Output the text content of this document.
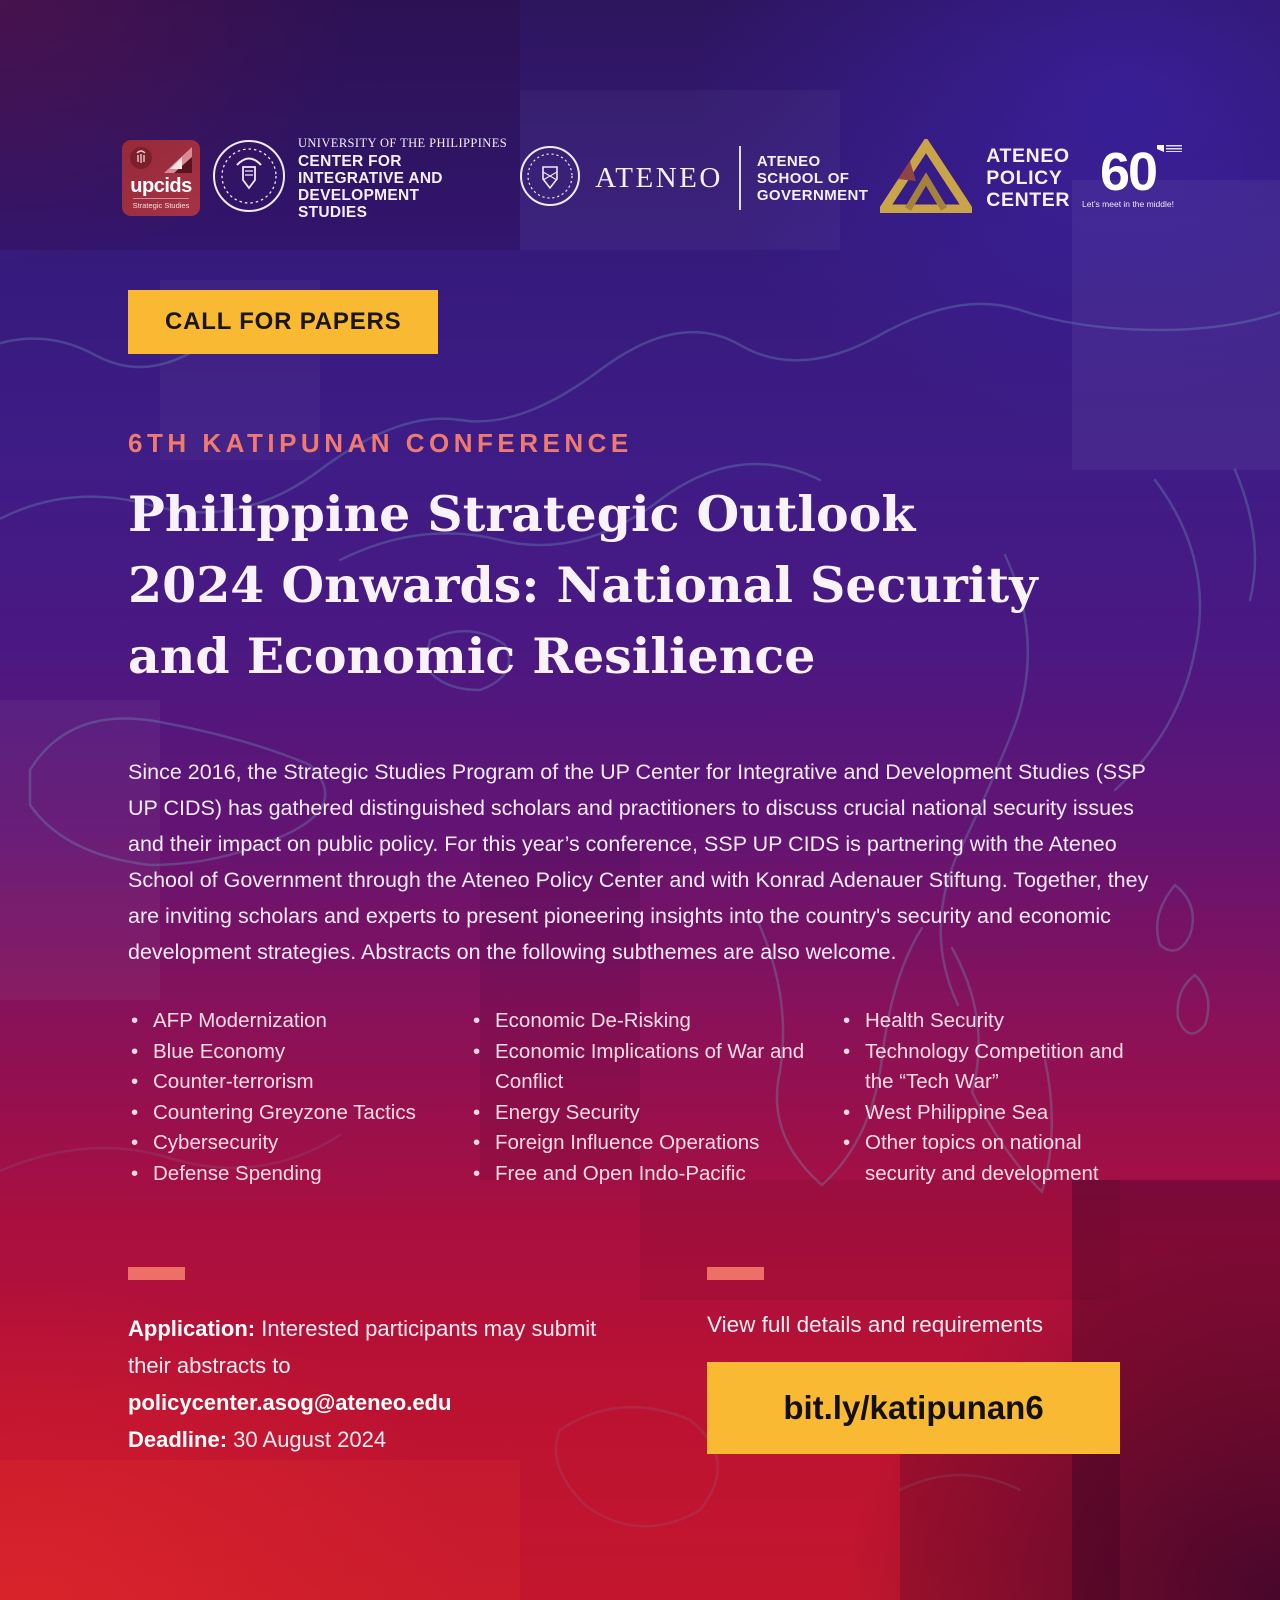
upcids
Strategic Studies
UNIVERSITY OF THE PHILIPPINES
CENTER FOR
INTEGRATIVE AND
DEVELOPMENT
STUDIES
ATENEO
ATENEO
SCHOOL OF
GOVERNMENT
ATENEO
POLICY
CENTER 60
Let’s meet in the middle!
CALL FOR PAPERS
6TH KATIPUNAN CONFERENCE
Philippine Strategic Outlook
2024 Onwards: National Security
and Economic Resilience

Since 2016, the Strategic Studies Program of the UP Center for Integrative and Development Studies (SSP UP CIDS) has gathered distinguished scholars and practitioners to discuss crucial national security issues and their impact on public policy. For this year’s conference, SSP UP CIDS is partnering with the Ateneo School of Government through the Ateneo Policy Center and with Konrad Adenauer Stiftung. Together, they are inviting scholars and experts to present pioneering insights into the country's security and economic development strategies. Abstracts on the following subthemes are also welcome.

• AFP Modernization
• Blue Economy
• Counter-terrorism
• Countering Greyzone Tactics
• Cybersecurity
• Defense Spending
• Economic De-Risking
• Economic Implications of War and Conflict
• Energy Security
• Foreign Influence Operations
• Free and Open Indo-Pacific
• Health Security
• Technology Competition and the “Tech War”
• West Philippine Sea
• Other topics on national security and development
Application: Interested participants may submit their abstracts to
policycenter.asog@ateneo.edu
Deadline: 30 August 2024
View full details and requirements
bit.ly/katipunan6
